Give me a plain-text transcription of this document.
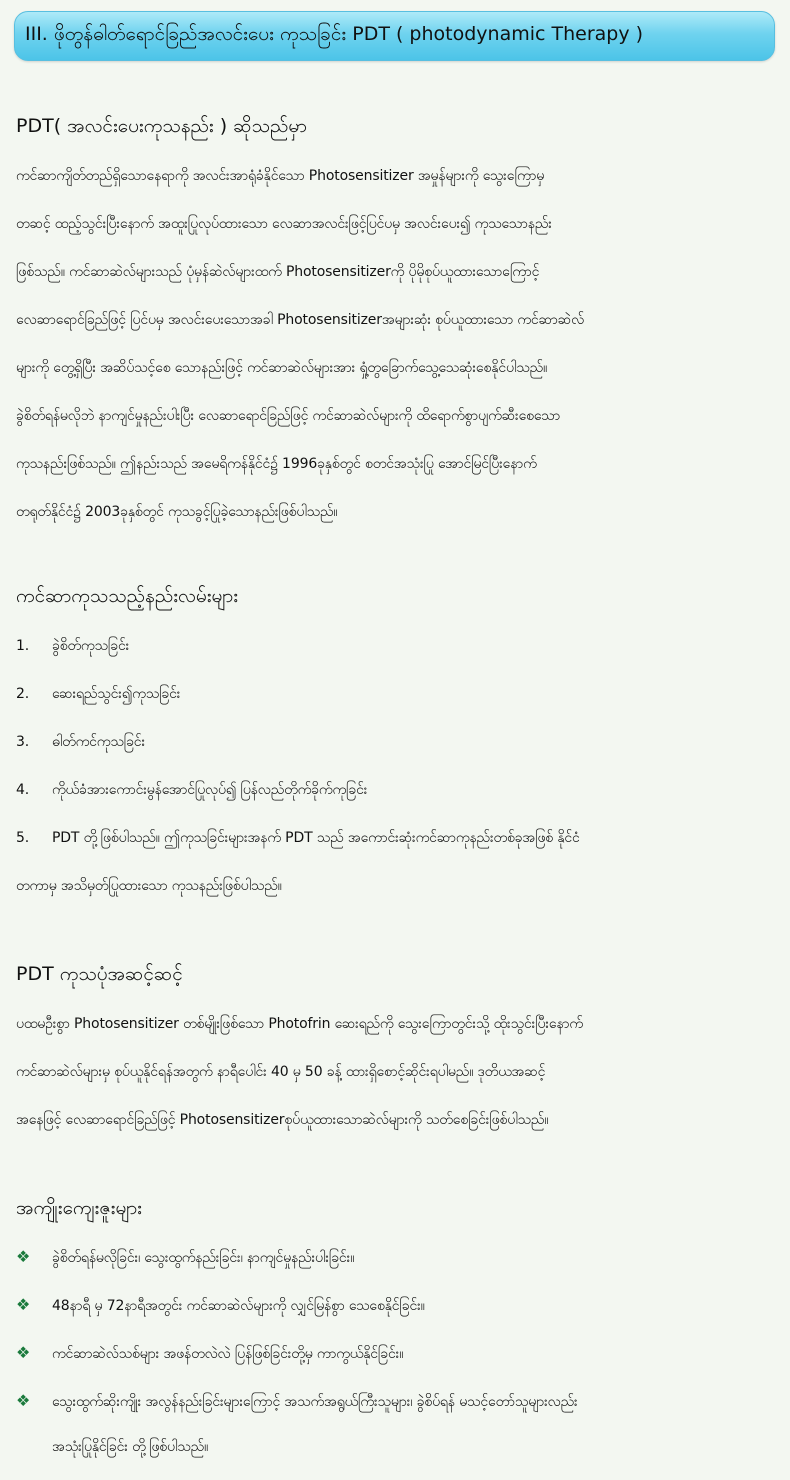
III. ဖိုတွန်ဓါတ်ရောင်ခြည်အလင်းပေး ကုသခြင်း PDT ( photodynamic Therapy )
PDT( အလင်းပေးကုသနည်း ) ဆိုသည်မှာ
ကင်ဆာကျိတ်တည်ရှိသောနေရာကို အလင်းအာရုံခံနိုင်သော Photosensitizer အမှုန်များကို သွေးကြောမှ
တဆင့် ထည့်သွင်းပြီးနောက် အထူးပြုလုပ်ထားသော လေဆာအလင်းဖြင့်ပြင်ပမှ အလင်းပေး၍ ကုသသောနည်း
ဖြစ်သည်။ ကင်ဆာဆဲလ်များသည် ပုံမှန်ဆဲလ်များထက် Photosensitizerကို ပိုမိုစုပ်ယူထားသောကြောင့်
လေဆာရောင်ခြည်ဖြင့် ပြင်ပမှ အလင်းပေးသောအခါ Photosensitizerအများဆုံး စုပ်ယူထားသော ကင်ဆာဆဲလ်
များကို တွေ့ရှိပြီး အဆိပ်သင့်စေ သောနည်းဖြင့် ကင်ဆာဆဲလ်များအား ရှုံ့တွခြောက်သွေ့သေဆုံးစေနိုင်ပါသည်။
ခွဲစိတ်ရန်မလိုဘဲ နာကျင်မှုနည်းပါးပြီး လေဆာရောင်ခြည်ဖြင့် ကင်ဆာဆဲလ်များကို ထိရောက်စွာပျက်ဆီးစေသော
ကုသနည်းဖြစ်သည်။ ဤနည်းသည် အမေရိကန်နိုင်ငံ၌ 1996ခုနှစ်တွင် စတင်အသုံးပြု အောင်မြင်ပြီးနောက်
တရုတ်နိုင်ငံ၌ 2003ခုနှစ်တွင် ကုသခွင့်ပြုခဲ့သောနည်းဖြစ်ပါသည်။
ကင်ဆာကုသသည့်နည်းလမ်းများ
1. ခွဲစိတ်ကုသခြင်း
2. ဆေးရည်သွင်း၍ကုသခြင်း
3. ဓါတ်ကင်ကုသခြင်း
4. ကိုယ်ခံအားကောင်းမွန်အောင်ပြုလုပ်၍ ပြန်လည်တိုက်ခိုက်ကုခြင်း
5. PDT တို့ဖြစ်ပါသည်။ ဤကုသခြင်းများအနက် PDT သည် အကောင်းဆုံးကင်ဆာကုနည်းတစ်ခုအဖြစ် နိုင်ငံ
တကာမှ အသိမှတ်ပြုထားသော ကုသနည်းဖြစ်ပါသည်။
PDT ကုသပုံအဆင့်ဆင့်
ပထမဦးစွာ Photosensitizer တစ်မျိုးဖြစ်သော Photofrin ဆေးရည်ကို သွေးကြောတွင်းသို့ ထိုးသွင်းပြီးနောက်
ကင်ဆာဆဲလ်များမှ စုပ်ယူနိုင်ရန်အတွက် နာရီပေါင်း 40 မှ 50 ခန့် ထားရှိစောင့်ဆိုင်းရပါမည်။ ဒုတိယအဆင့်
အနေဖြင့် လေဆာရောင်ခြည်ဖြင့် Photosensitizerစုပ်ယူထားသောဆဲလ်များကို သတ်စေခြင်းဖြစ်ပါသည်။
အကျိုးကျေးဇူးများ
❖ ခွဲစိတ်ရန်မလိုခြင်း၊ သွေးထွက်နည်းခြင်း၊ နာကျင်မှုနည်းပါးခြင်း။
❖ 48နာရီ မှ 72နာရီအတွင်း ကင်ဆာဆဲလ်များကို လျှင်မြန်စွာ သေစေနိုင်ခြင်း။
❖ ကင်ဆာဆဲလ်သစ်များ အဖန်တလဲလဲ ပြန်ဖြစ်ခြင်းတို့မှ ကာကွယ်နိုင်ခြင်း။
❖ သွေးထွက်ဆိုးကျိုး အလွန်နည်းခြင်းများကြောင့် အသက်အရွယ်ကြီးသူများ၊ ခွဲစိပ်ရန် မသင့်တော်သူများလည်း
အသုံးပြုနိုင်ခြင်း တို့ဖြစ်ပါသည်။
